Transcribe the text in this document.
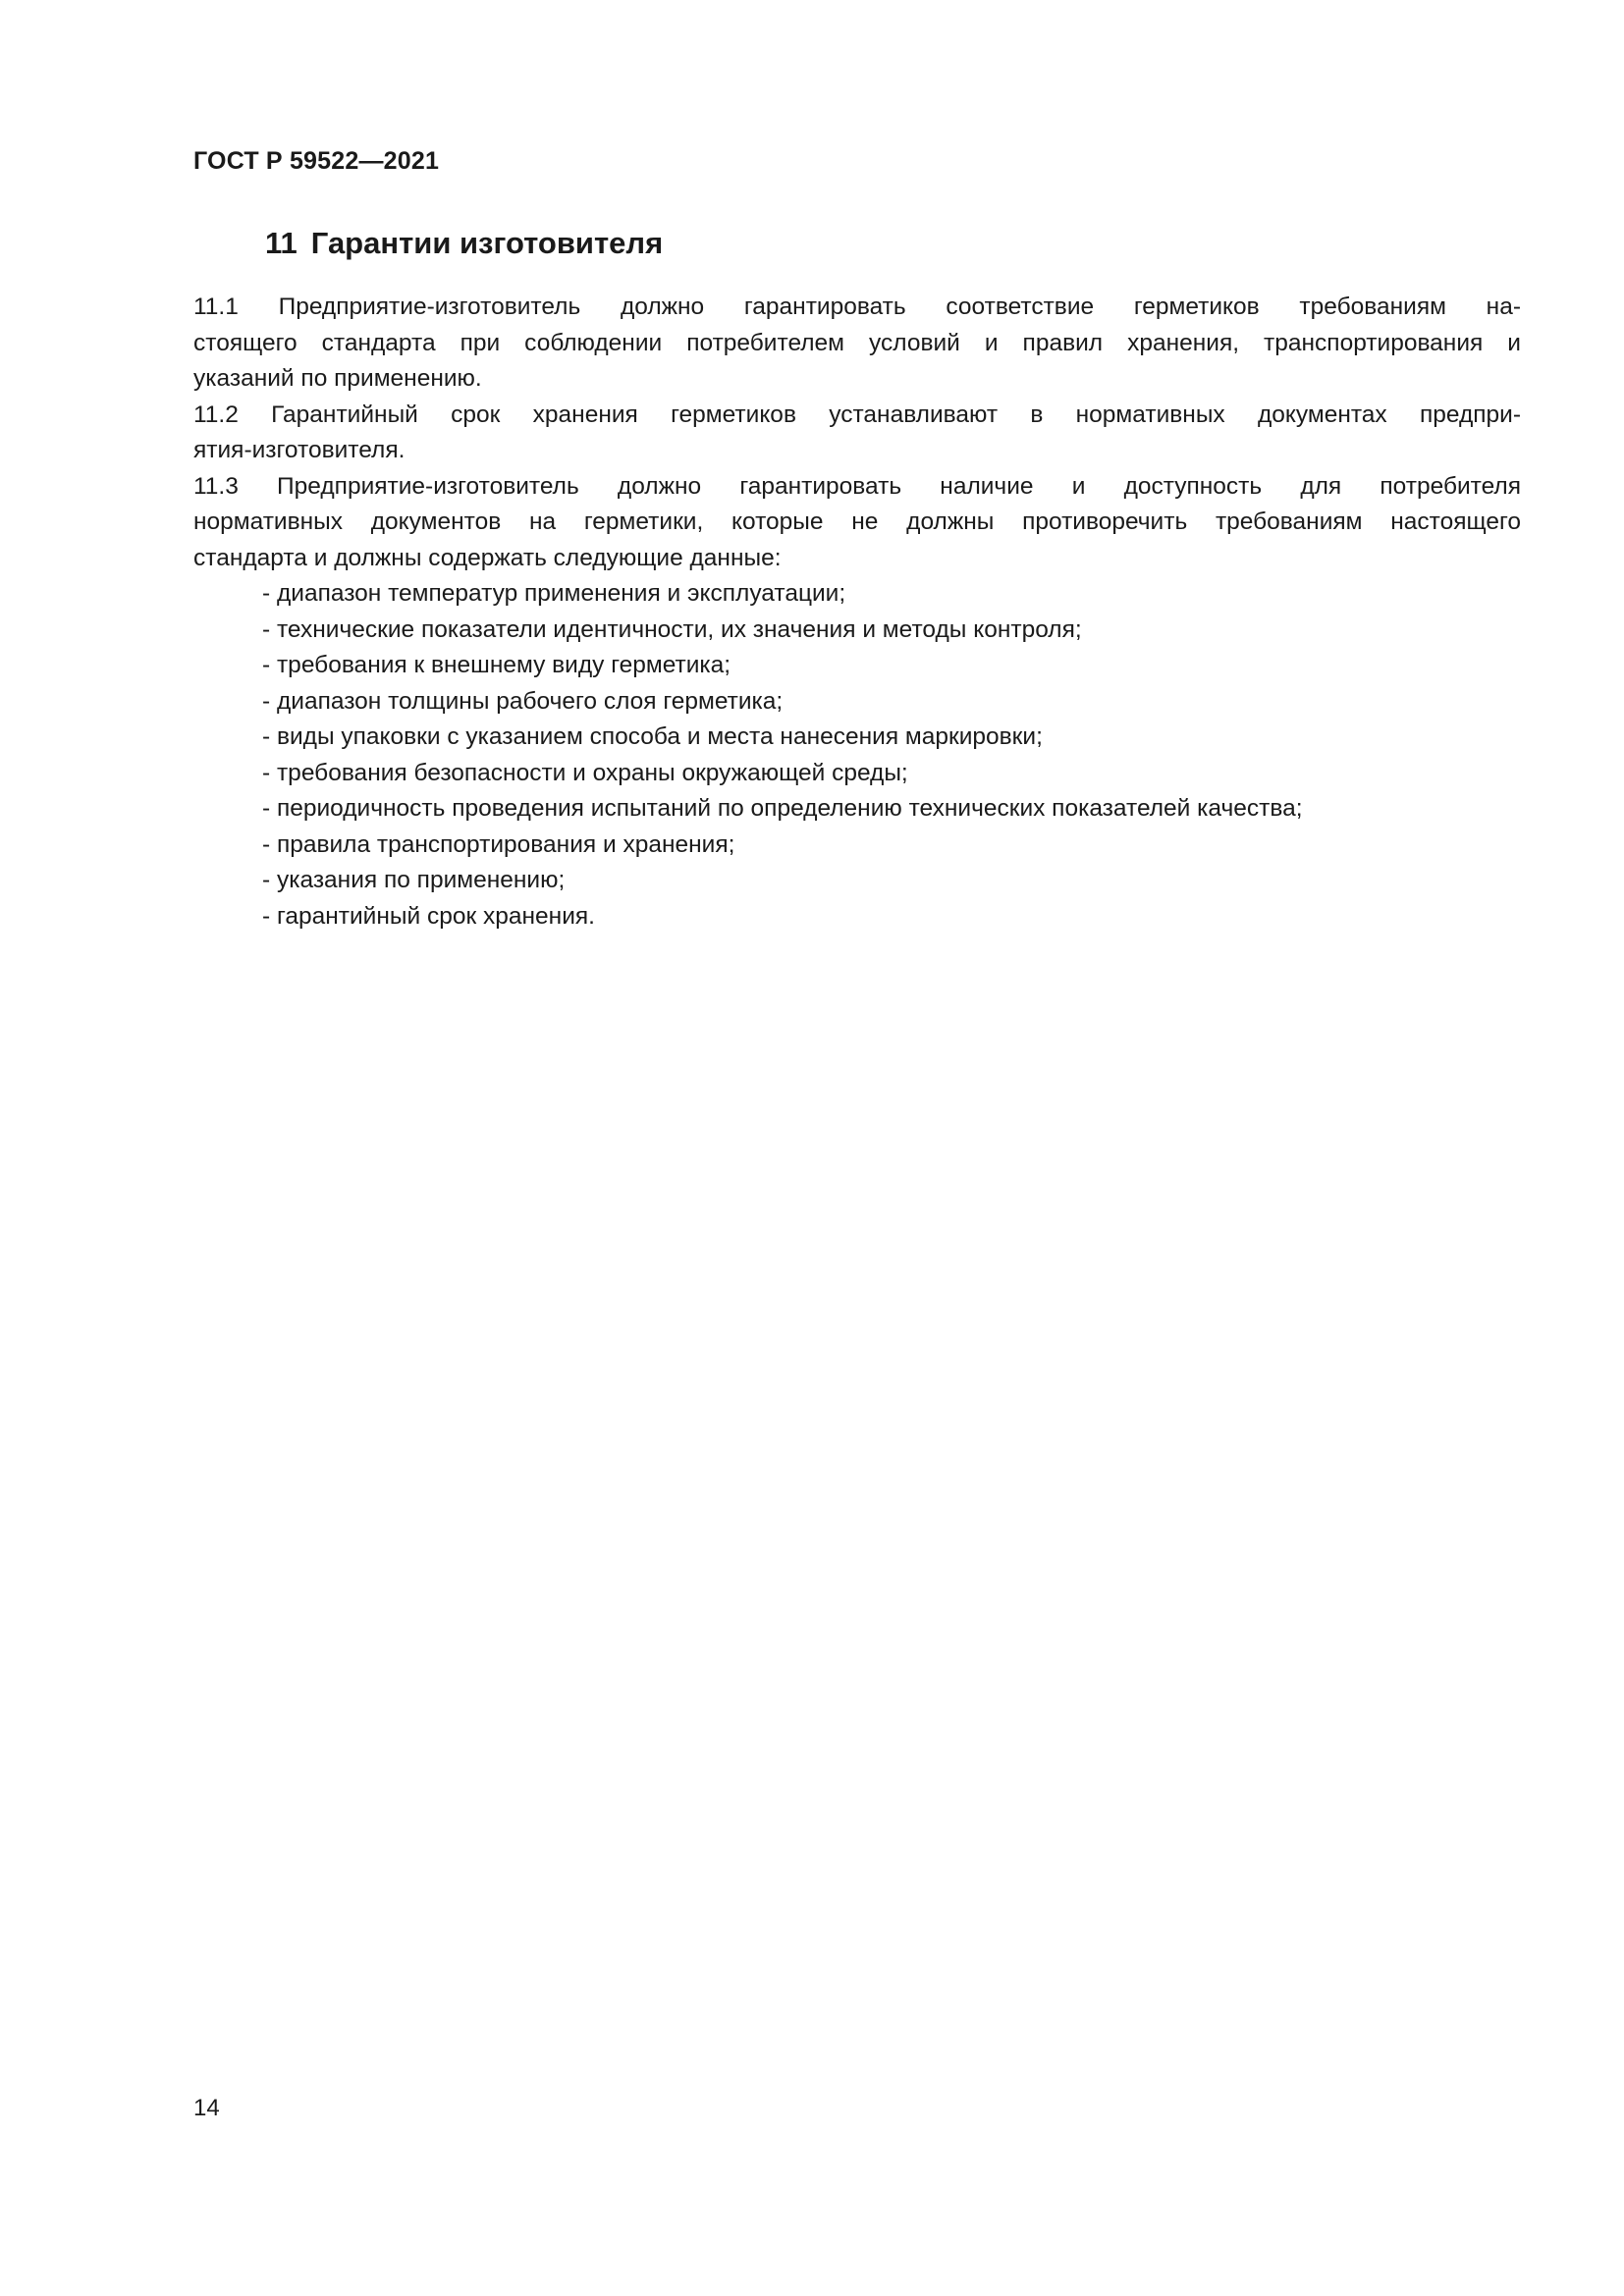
ГОСТ Р 59522—2021

11 Гарантии изготовителя

11.1 Предприятие-изготовитель должно гарантировать соответствие герметиков требованиям на-
стоящего стандарта при соблюдении потребителем условий и правил хранения, транспортирования и
указаний по применению.

11.2 Гарантийный срок хранения герметиков устанавливают в нормативных документах предпри-
ятия-изготовителя.

11.3 Предприятие-изготовитель должно гарантировать наличие и доступность для потребителя
нормативных документов на герметики, которые не должны противоречить требованиям настоящего
стандарта и должны содержать следующие данные:

- диапазон температур применения и эксплуатации;
- технические показатели идентичности, их значения и методы контроля;
- требования к внешнему виду герметика;
- диапазон толщины рабочего слоя герметика;
- виды упаковки с указанием способа и места нанесения маркировки;
- требования безопасности и охраны окружающей среды;
- периодичность проведения испытаний по определению технических показателей качества;
- правила транспортирования и хранения;
- указания по применению;
- гарантийный срок хранения.

14
